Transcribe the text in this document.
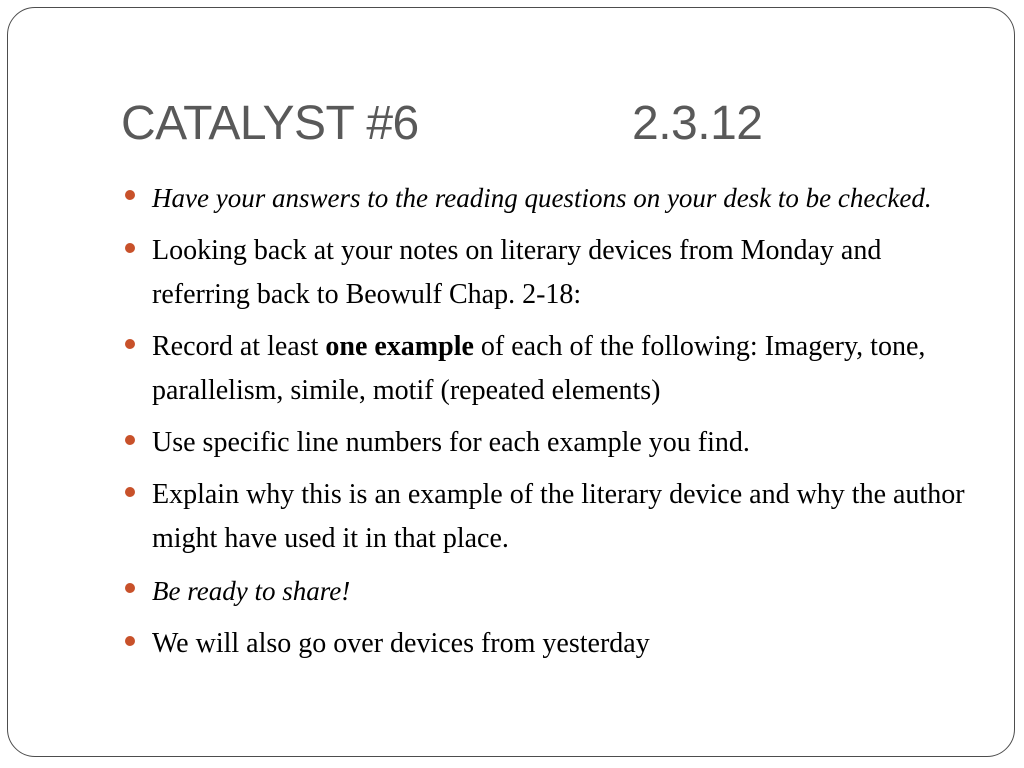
CATALYST #6	2.3.12
Have your answers to the reading questions on your desk to be checked.
Looking back at your notes on literary devices from Monday and referring back to Beowulf Chap. 2-18:
Record at least one example of each of the following: Imagery, tone, parallelism, simile, motif (repeated elements)
Use specific line numbers for each example you find.
Explain why this is an example of the literary device and why the author might have used it in that place.
Be ready to share!
We will also go over devices from yesterday
